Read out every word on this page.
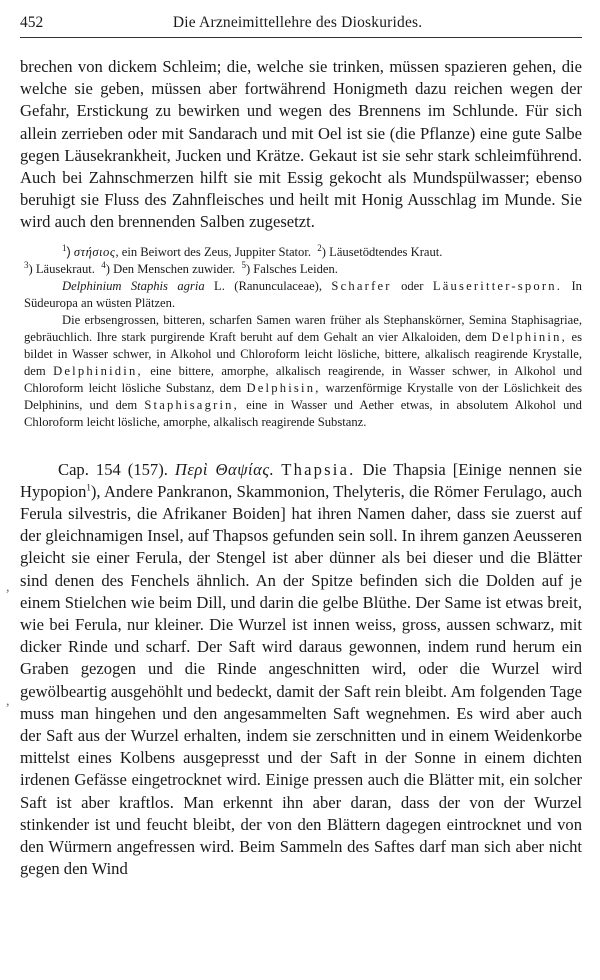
452	Die Arzneimittellehre des Dioskurides.

brechen von dickem Schleim; die, welche sie trinken, müssen spazieren gehen, die welche sie geben, müssen aber fortwährend Honigmeth dazu reichen wegen der Gefahr, Erstickung zu bewirken und wegen des Brennens im Schlunde. Für sich allein zerrieben oder mit Sandarach und mit Oel ist sie (die Pflanze) eine gute Salbe gegen Läusekrankheit, Jucken und Krätze. Gekaut ist sie sehr stark schleimführend. Auch bei Zahnschmerzen hilft sie mit Essig gekocht als Mundspülwasser; ebenso beruhigt sie Fluss des Zahnfleisches und heilt mit Honig Ausschlag im Munde. Sie wird auch den brennenden Salben zugesetzt.

$^1$) στήσιος, ein Beiwort des Zeus, Juppiter Stator. $^2$) Läusetödtendes Kraut.

$^3$) Läusekraut. $^4$) Den Menschen zuwider. $^5$) Falsches Leiden.

Delphinium Staphis agria L. (Ranunculaceae), Scharfer oder Läuseritter-sporn. In Südeuropa an wüsten Plätzen.

Die erbsengrossen, bitteren, scharfen Samen waren früher als Stephanskörner, Semina Staphisagriae, gebräuchlich. Ihre stark purgirende Kraft beruht auf dem Gehalt an vier Alkaloiden, dem Delphinin, es bildet in Wasser schwer, in Alkohol und Chloroform leicht lösliche, bittere, alkalisch reagirende Krystalle, dem Delphinidin, eine bittere, amorphe, alkalisch reagirende, in Wasser schwer, in Alkohol und Chloroform leicht lösliche Substanz, dem Delphisin, warzenförmige Krystalle von der Löslichkeit des Delphinins, und dem Staphisagrin, eine in Wasser und Aether etwas, in absolutem Alkohol und Chloroform leicht lösliche, amorphe, alkalisch reagirende Substanz.

Cap. 154 (157). Περὶ Θαψίας. Thapsia. Die Thapsia [Einige nennen sie Hypopion$^1$), Andere Pankranon, Skammonion, Thelyteris, die Römer Ferulago, auch Ferula silvestris, die Afrikaner Boiden] hat ihren Namen daher, dass sie zuerst auf der gleichnamigen Insel, auf Thapsos gefunden sein soll. In ihrem ganzen Aeusseren gleicht sie einer Ferula, der Stengel ist aber dünner als bei dieser und die Blätter sind denen des Fenchels ähnlich. An der Spitze befinden sich die Dolden auf je einem Stielchen wie beim Dill, und darin die gelbe Blüthe. Der Same ist etwas breit, wie bei Ferula, nur kleiner. Die Wurzel ist innen weiss, gross, aussen schwarz, mit dicker Rinde und scharf. Der Saft wird daraus gewonnen, indem rund herum ein Graben gezogen und die Rinde angeschnitten wird, oder die Wurzel wird gewölbeartig ausgehöhlt und bedeckt, damit der Saft rein bleibt. Am folgenden Tage muss man hingehen und den angesammelten Saft wegnehmen. Es wird aber auch der Saft aus der Wurzel erhalten, indem sie zerschnitten und in einem Weidenkorbe mittelst eines Kolbens ausgepresst und der Saft in der Sonne in einem dichten irdenen Gefässe eingetrocknet wird. Einige pressen auch die Blätter mit, ein solcher Saft ist aber kraftlos. Man erkennt ihn aber daran, dass der von der Wurzel stinkender ist und feucht bleibt, der von den Blättern dagegen eintrocknet und von den Würmern angefressen wird. Beim Sammeln des Saftes darf man sich aber nicht gegen den Wind

,
,
